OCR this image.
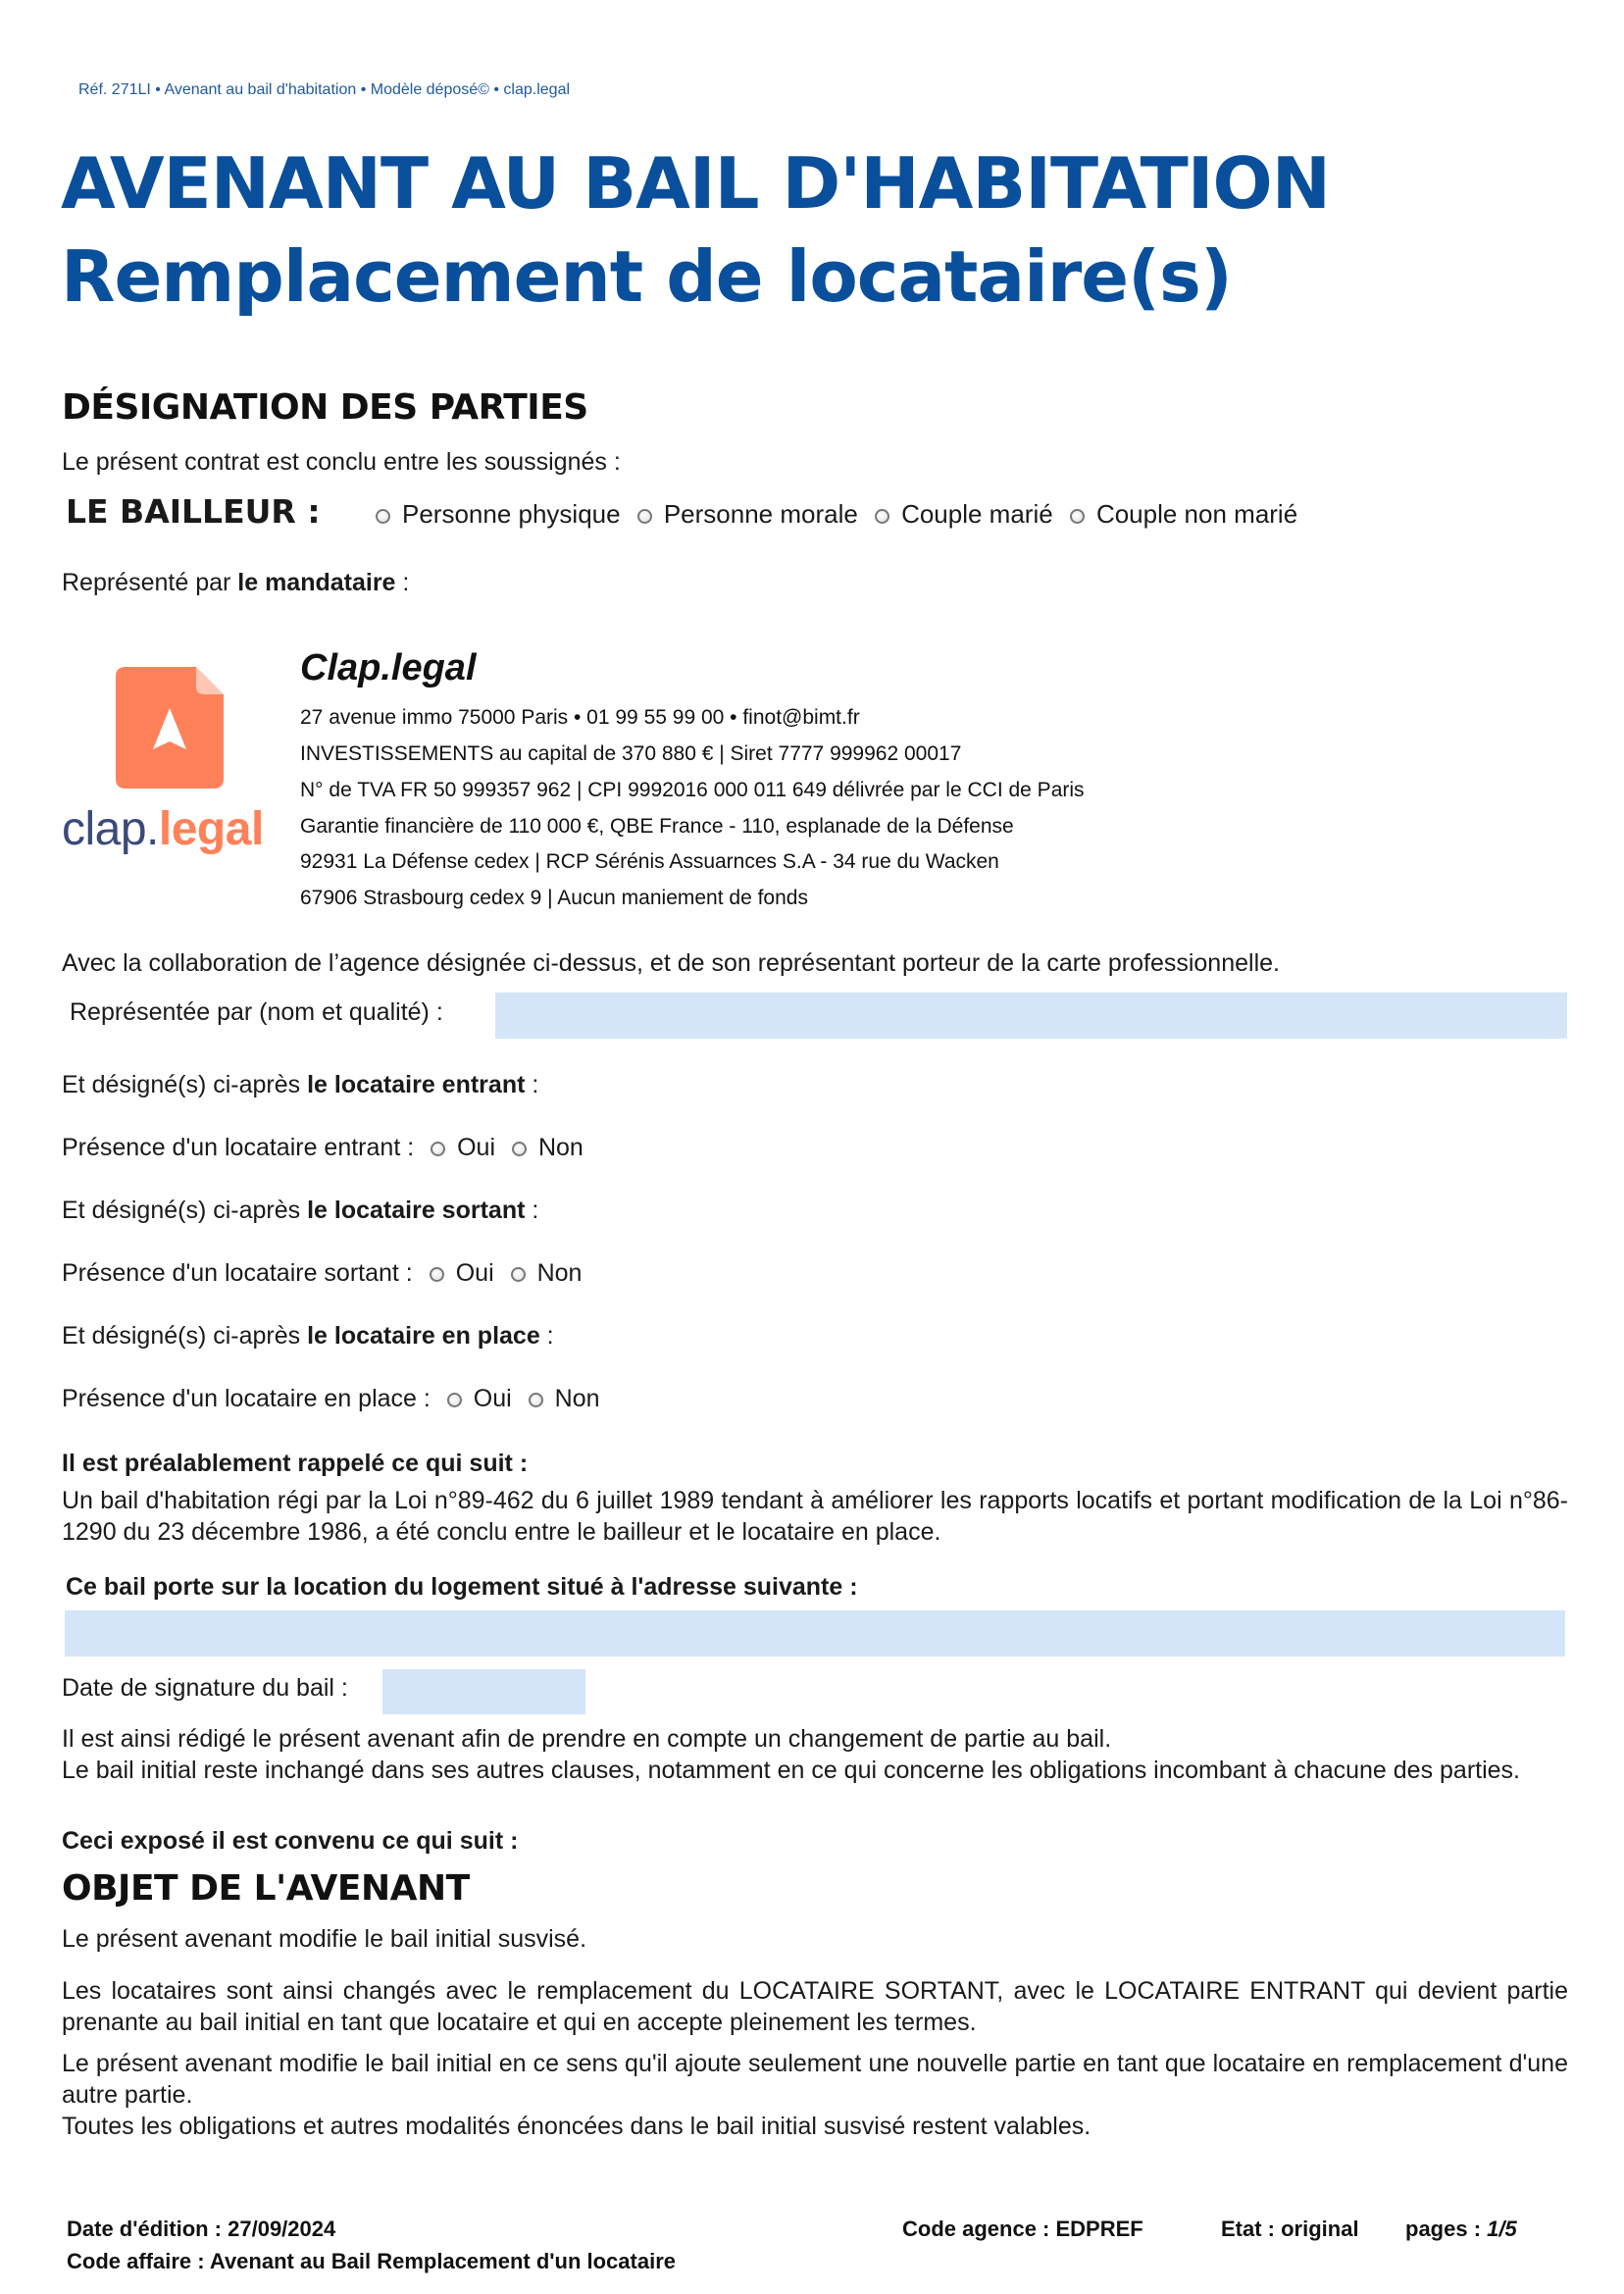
Réf. 271LI • Avenant au bail d'habitation • Modèle déposé© • clap.legal
AVENANT AU BAIL D'HABITATION
Remplacement de locataire(s)
DÉSIGNATION DES PARTIES
Le présent contrat est conclu entre les soussignés :
LE BAILLEUR :	Personne physique Personne morale Couple marié Couple non marié
Représenté par le mandataire :
clap.legal
Clap.legal
27 avenue immo 75000 Paris • 01 99 55 99 00 • finot@bimt.fr
INVESTISSEMENTS au capital de 370 880 € | Siret 7777 999962 00017
N° de TVA FR 50 999357 962 | CPI 9992016 000 011 649 délivrée par le CCI de Paris
Garantie financière de 110 000 €, QBE France - 110, esplanade de la Défense
92931 La Défense cedex | RCP Sérénis Assuarnces S.A - 34 rue du Wacken
67906 Strasbourg cedex 9 | Aucun maniement de fonds
Avec la collaboration de l’agence désignée ci-dessus, et de son représentant porteur de la carte professionnelle.
Représentée par (nom et qualité) :
Et désigné(s) ci-après le locataire entrant :
Présence d'un locataire entrant : Oui Non
Et désigné(s) ci-après le locataire sortant :
Présence d'un locataire sortant : Oui Non
Et désigné(s) ci-après le locataire en place :
Présence d'un locataire en place : Oui Non
Il est préalablement rappelé ce qui suit :
Un bail d'habitation régi par la Loi n°89-462 du 6 juillet 1989 tendant à améliorer les rapports locatifs et portant modification de la Loi n°86-1290 du 23 décembre 1986, a été conclu entre le bailleur et le locataire en place.
Ce bail porte sur la location du logement situé à l'adresse suivante :
Date de signature du bail :
Il est ainsi rédigé le présent avenant afin de prendre en compte un changement de partie au bail.
Le bail initial reste inchangé dans ses autres clauses, notamment en ce qui concerne les obligations incombant à chacune des parties.
Ceci exposé il est convenu ce qui suit :
OBJET DE L'AVENANT
Le présent avenant modifie le bail initial susvisé.
Les locataires sont ainsi changés avec le remplacement du LOCATAIRE SORTANT, avec le LOCATAIRE ENTRANT qui devient partie prenante au bail initial en tant que locataire et qui en accepte pleinement les termes.
Le présent avenant modifie le bail initial en ce sens qu'il ajoute seulement une nouvelle partie en tant que locataire en remplacement d'une autre partie.
Toutes les obligations et autres modalités énoncées dans le bail initial susvisé restent valables.
Date d'édition : 27/09/2024
Code affaire : Avenant au Bail Remplacement d'un locataire
Code agence : EDPREF	Etat : original pages : 1/5
